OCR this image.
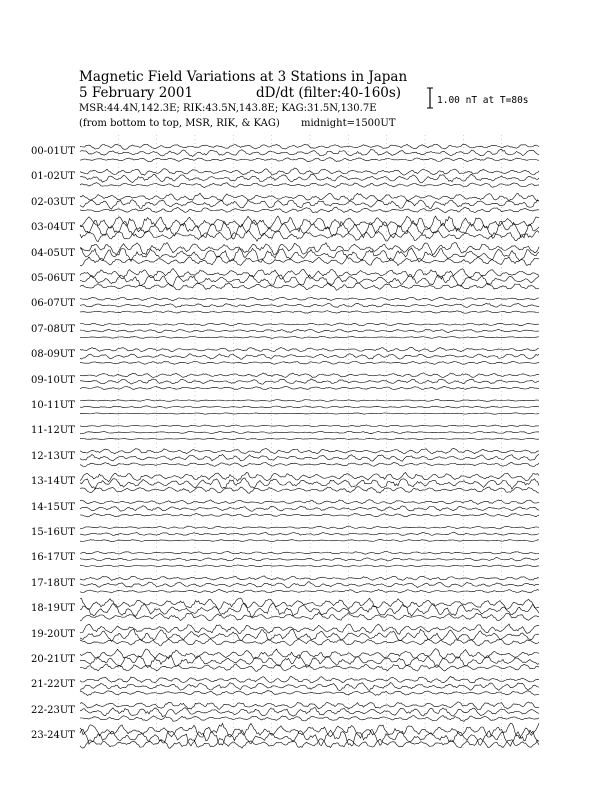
Magnetic Field Variations at 3 Stations in Japan
5 February 2001	dD/dt (filter:40-160s)
MSR:44.4N,142.3E; RIK:43.5N,143.8E; KAG:31.5N,130.7E
(from bottom to top, MSR, RIK, & KAG) midnight=1500UT
1.00 nT at T=80s
00-01UT
01-02UT
02-03UT
03-04UT
04-05UT
05-06UT
06-07UT
07-08UT
08-09UT
09-10UT
10-11UT
11-12UT
12-13UT
13-14UT
14-15UT
15-16UT
16-17UT
17-18UT
18-19UT
19-20UT
20-21UT
21-22UT
22-23UT
23-24UT
